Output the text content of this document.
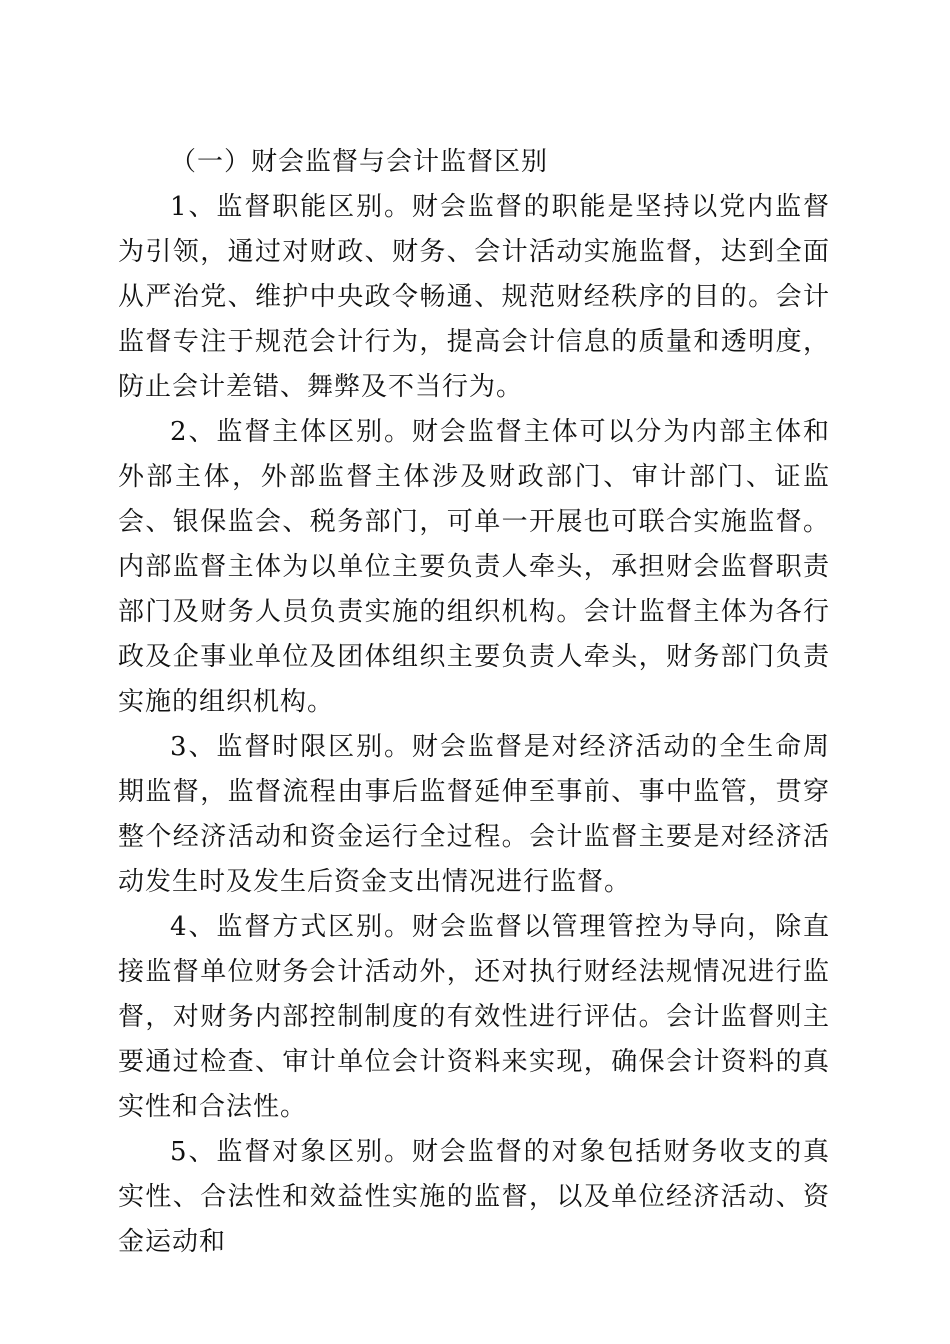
（一）财会监督与会计监督区别

1、监督职能区别。财会监督的职能是坚持以党内监督为引领，通过对财政、财务、会计活动实施监督，达到全面从严治党、维护中央政令畅通、规范财经秩序的目的。会计监督专注于规范会计行为，提高会计信息的质量和透明度，防止会计差错、舞弊及不当行为。

2、监督主体区别。财会监督主体可以分为内部主体和外部主体，外部监督主体涉及财政部门、审计部门、证监会、银保监会、税务部门，可单一开展也可联合实施监督。内部监督主体为以单位主要负责人牵头，承担财会监督职责部门及财务人员负责实施的组织机构。会计监督主体为各行政及企事业单位及团体组织主要负责人牵头，财务部门负责实施的组织机构。

3、监督时限区别。财会监督是对经济活动的全生命周期监督，监督流程由事后监督延伸至事前、事中监管，贯穿整个经济活动和资金运行全过程。会计监督主要是对经济活动发生时及发生后资金支出情况进行监督。

4、监督方式区别。财会监督以管理管控为导向，除直接监督单位财务会计活动外，还对执行财经法规情况进行监督，对财务内部控制制度的有效性进行评估。会计监督则主要通过检查、审计单位会计资料来实现，确保会计资料的真实性和合法性。

5、监督对象区别。财会监督的对象包括财务收支的真实性、合法性和效益性实施的监督，以及单位经济活动、资金运动和
